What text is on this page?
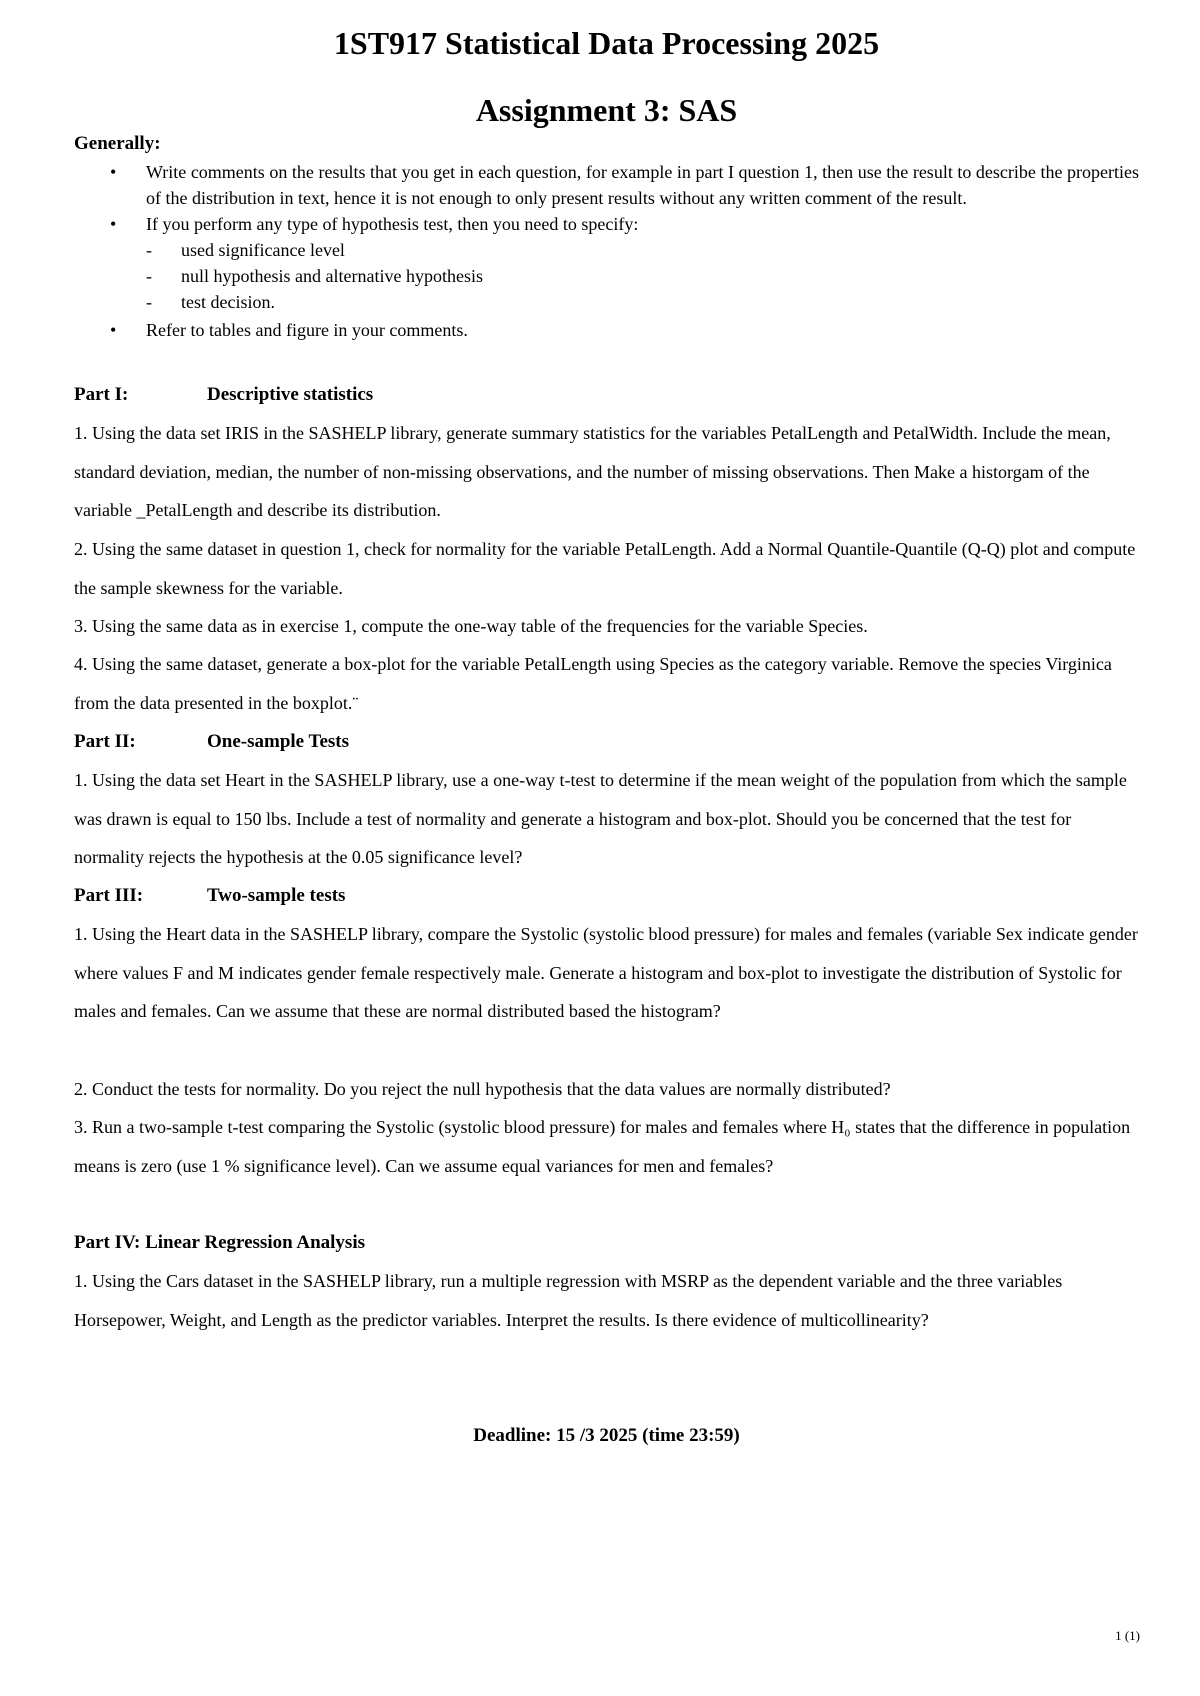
1ST917 Statistical Data Processing 2025
Assignment 3: SAS
Generally:
• Write comments on the results that you get in each question, for example in part I question 1, then use the result to describe the properties of the distribution in text, hence it is not enough to only present results without any written comment of the result.
• If you perform any type of hypothesis test, then you need to specify:
- used significance level
- null hypothesis and alternative hypothesis
- test decision.
• Refer to tables and figure in your comments.
Part I:	Descriptive statistics
1. Using the data set IRIS in the SASHELP library, generate summary statistics for the variables PetalLength and PetalWidth. Include the mean, standard deviation, median, the number of non-missing observations, and the number of missing observations. Then Make a historgam of the variable _PetalLength and describe its distribution.
2. Using the same dataset in question 1, check for normality for the variable PetalLength. Add a Normal Quantile-Quantile (Q-Q) plot and compute the sample skewness for the variable.
3. Using the same data as in exercise 1, compute the one-way table of the frequencies for the variable Species.
4. Using the same dataset, generate a box-plot for the variable PetalLength using Species as the category variable. Remove the species Virginica from the data presented in the boxplot.¨
Part II:	One-sample Tests
1. Using the data set Heart in the SASHELP library, use a one-way t-test to determine if the mean weight of the population from which the sample was drawn is equal to 150 lbs. Include a test of normality and generate a histogram and box-plot. Should you be concerned that the test for normality rejects the hypothesis at the 0.05 significance level?
Part III:	Two-sample tests
1. Using the Heart data in the SASHELP library, compare the Systolic (systolic blood pressure) for males and females (variable Sex indicate gender where values F and M indicates gender female respectively male. Generate a histogram and box-plot to investigate the distribution of Systolic for males and females. Can we assume that these are normal distributed based the histogram?
2. Conduct the tests for normality. Do you reject the null hypothesis that the data values are normally distributed?
3. Run a two-sample t-test comparing the Systolic (systolic blood pressure) for males and females where H₀ states that the difference in population means is zero (use 1 % significance level). Can we assume equal variances for men and females?
Part IV: Linear Regression Analysis
1. Using the Cars dataset in the SASHELP library, run a multiple regression with MSRP as the dependent variable and the three variables Horsepower, Weight, and Length as the predictor variables. Interpret the results. Is there evidence of multicollinearity?
Deadline: 15 /3 2025 (time 23:59)
1 (1)
